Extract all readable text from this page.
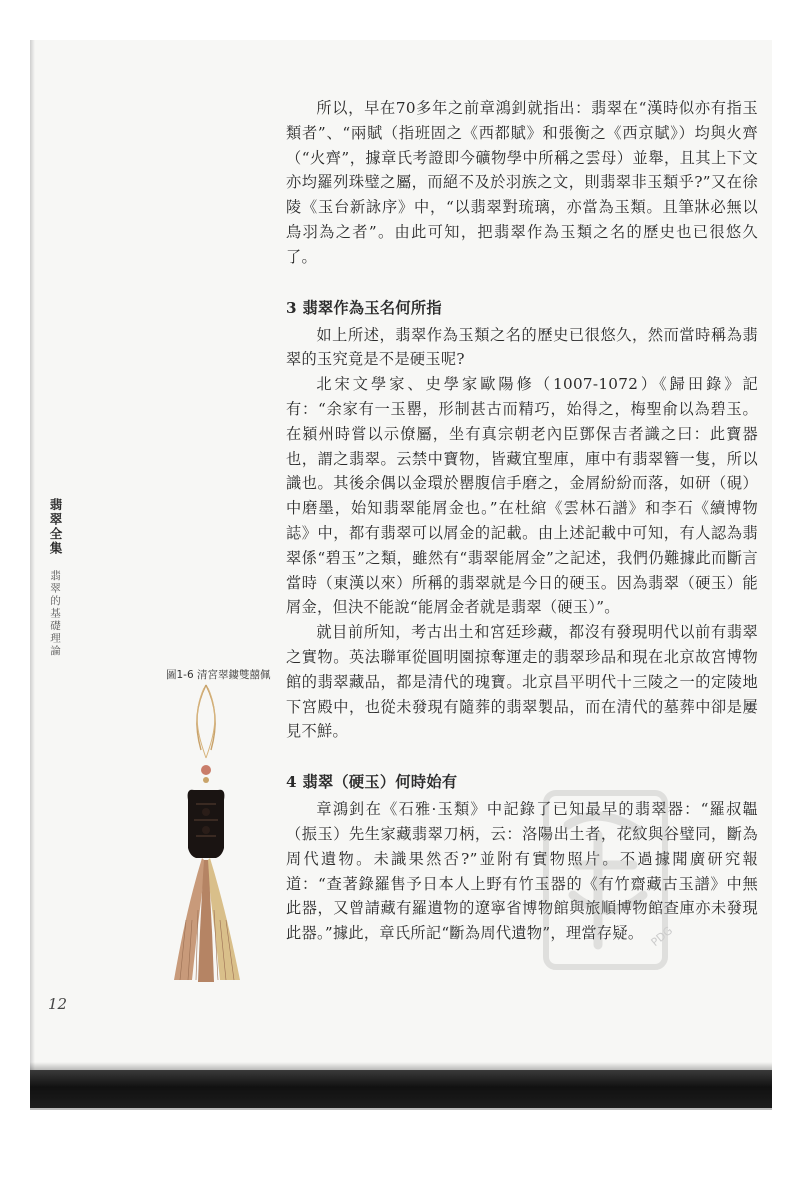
翡翠全集 翡翠的基礎理論
圖1-6 清宮翠鏤雙囍佩

所以，早在70多年之前章鴻釗就指出：翡翠在“漢時似亦有指玉類者”、“兩賦（指班固之《西都賦》和張衡之《西京賦》）均與火齊（“火齊”，據章氏考證即今礦物學中所稱之雲母）並舉，且其上下文亦均羅列珠璧之屬，而絕不及於羽族之文，則翡翠非玉類乎?”又在徐陵《玉台新詠序》中，“以翡翠對琉璃，亦當為玉類。且筆牀必無以鳥羽為之者”。由此可知，把翡翠作為玉類之名的歷史也已很悠久了。

3 翡翠作為玉名何所指

如上所述，翡翠作為玉類之名的歷史已很悠久，然而當時稱為翡翠的玉究竟是不是硬玉呢?

北宋文學家、史學家歐陽修（1007-1072）《歸田錄》記有：“余家有一玉罌，形制甚古而精巧，始得之，梅聖俞以為碧玉。在潁州時嘗以示僚屬，坐有真宗朝老內臣鄧保吉者識之曰：此寶器也，謂之翡翠。云禁中寶物，皆藏宜聖庫，庫中有翡翠簪一隻，所以識也。其後余偶以金環於罌腹信手磨之，金屑紛紛而落，如研（硯）中磨墨，始知翡翠能屑金也。”在杜綰《雲林石譜》和李石《續博物誌》中，都有翡翠可以屑金的記載。由上述記載中可知，有人認為翡翠係“碧玉”之類，雖然有“翡翠能屑金”之記述，我們仍難據此而斷言當時（東漢以來）所稱的翡翠就是今日的硬玉。因為翡翠（硬玉）能屑金，但決不能說“能屑金者就是翡翠（硬玉）”。

就目前所知，考古出土和宮廷珍藏，都沒有發現明代以前有翡翠之實物。英法聯軍從圓明園掠奪運走的翡翠珍品和現在北京故宮博物館的翡翠藏品，都是清代的瑰寶。北京昌平明代十三陵之一的定陵地下宮殿中，也從未發現有隨葬的翡翠製品，而在清代的墓葬中卻是屢見不鮮。

4 翡翠（硬玉）何時始有

章鴻釗在《石雅·玉類》中記錄了已知最早的翡翠器：“羅叔韞（振玉）先生家藏翡翠刀柄，云：洛陽出土者，花紋與谷璧同，斷為周代遺物。未識果然否?”並附有實物照片。不過據聞廣研究報道：“查著錄羅售予日本人上野有竹玉器的《有竹齋藏古玉譜》中無此器，又曾請藏有羅遺物的遼寧省博物館與旅順博物館查庫亦未發現此器。”據此，章氏所記“斷為周代遺物”，理當存疑。

12
PDG
